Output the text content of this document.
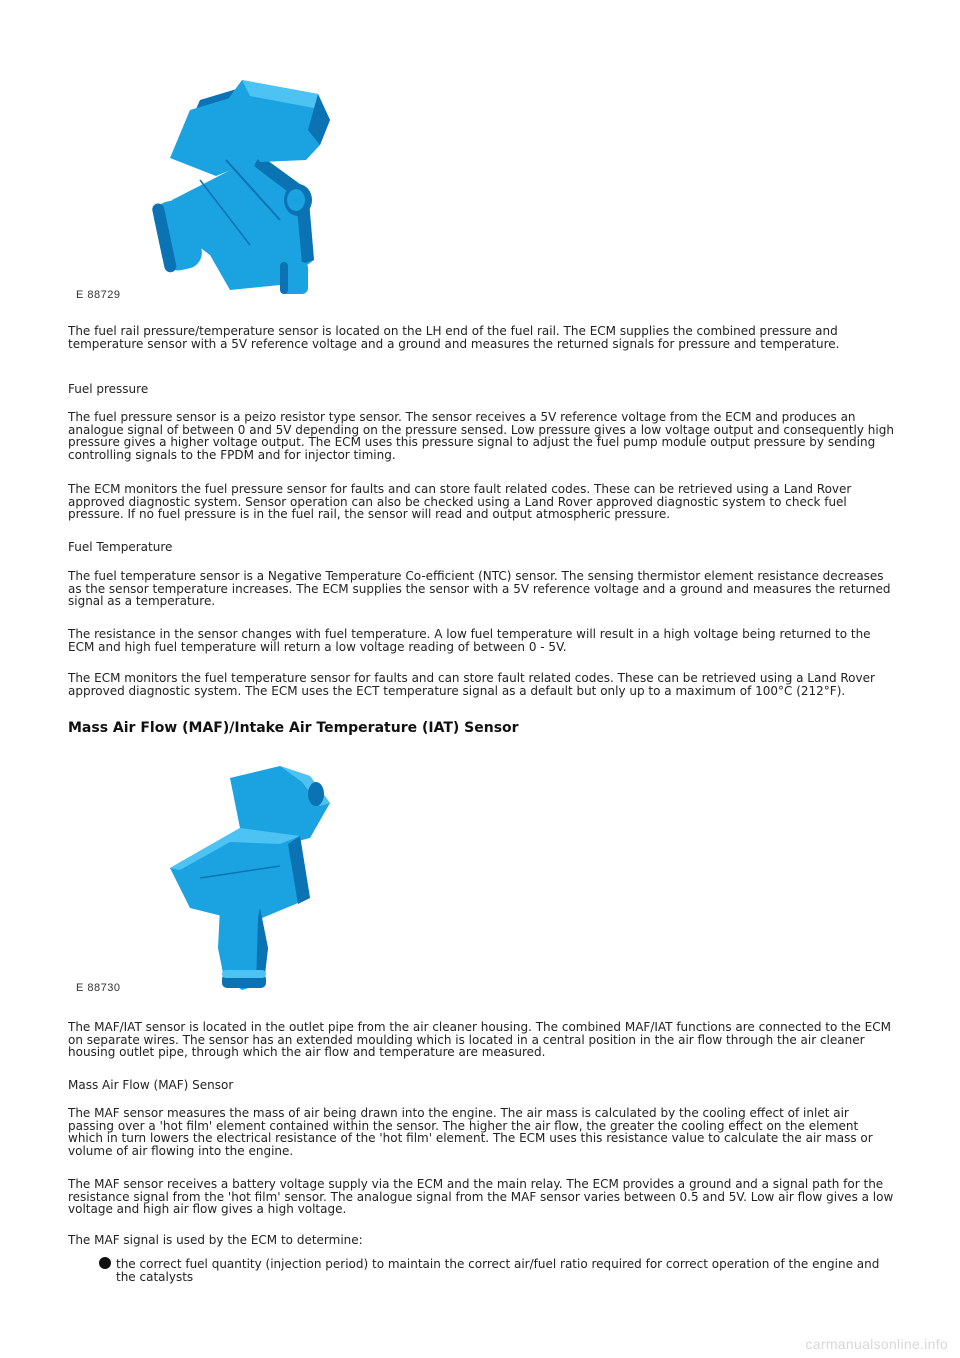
E 88729

The fuel rail pressure/temperature sensor is located on the LH end of the fuel rail. The ECM supplies the combined pressure and temperature sensor with a 5V reference voltage and a ground and measures the returned signals for pressure and temperature.

Fuel pressure

The fuel pressure sensor is a peizo resistor type sensor. The sensor receives a 5V reference voltage from the ECM and produces an analogue signal of between 0 and 5V depending on the pressure sensed. Low pressure gives a low voltage output and consequently high pressure gives a higher voltage output. The ECM uses this pressure signal to adjust the fuel pump module output pressure by sending controlling signals to the FPDM and for injector timing.

The ECM monitors the fuel pressure sensor for faults and can store fault related codes. These can be retrieved using a Land Rover approved diagnostic system. Sensor operation can also be checked using a Land Rover approved diagnostic system to check fuel pressure. If no fuel pressure is in the fuel rail, the sensor will read and output atmospheric pressure.

Fuel Temperature

The fuel temperature sensor is a Negative Temperature Co-efficient (NTC) sensor. The sensing thermistor element resistance decreases as the sensor temperature increases. The ECM supplies the sensor with a 5V reference voltage and a ground and measures the returned signal as a temperature.

The resistance in the sensor changes with fuel temperature. A low fuel temperature will result in a high voltage being returned to the ECM and high fuel temperature will return a low voltage reading of between 0 - 5V.

The ECM monitors the fuel temperature sensor for faults and can store fault related codes. These can be retrieved using a Land Rover approved diagnostic system. The ECM uses the ECT temperature signal as a default but only up to a maximum of 100°C (212°F).

Mass Air Flow (MAF)/Intake Air Temperature (IAT) Sensor
E 88730

The MAF/IAT sensor is located in the outlet pipe from the air cleaner housing. The combined MAF/IAT functions are connected to the ECM on separate wires. The sensor has an extended moulding which is located in a central position in the air flow through the air cleaner housing outlet pipe, through which the air flow and temperature are measured.

Mass Air Flow (MAF) Sensor

The MAF sensor measures the mass of air being drawn into the engine. The air mass is calculated by the cooling effect of inlet air passing over a 'hot film' element contained within the sensor. The higher the air flow, the greater the cooling effect on the element which in turn lowers the electrical resistance of the 'hot film' element. The ECM uses this resistance value to calculate the air mass or volume of air flowing into the engine.

The MAF sensor receives a battery voltage supply via the ECM and the main relay. The ECM provides a ground and a signal path for the resistance signal from the 'hot film' sensor. The analogue signal from the MAF sensor varies between 0.5 and 5V. Low air flow gives a low voltage and high air flow gives a high voltage.

The MAF signal is used by the ECM to determine:

the correct fuel quantity (injection period) to maintain the correct air/fuel ratio required for correct operation of the engine and the catalysts

carmanualsonline.info
